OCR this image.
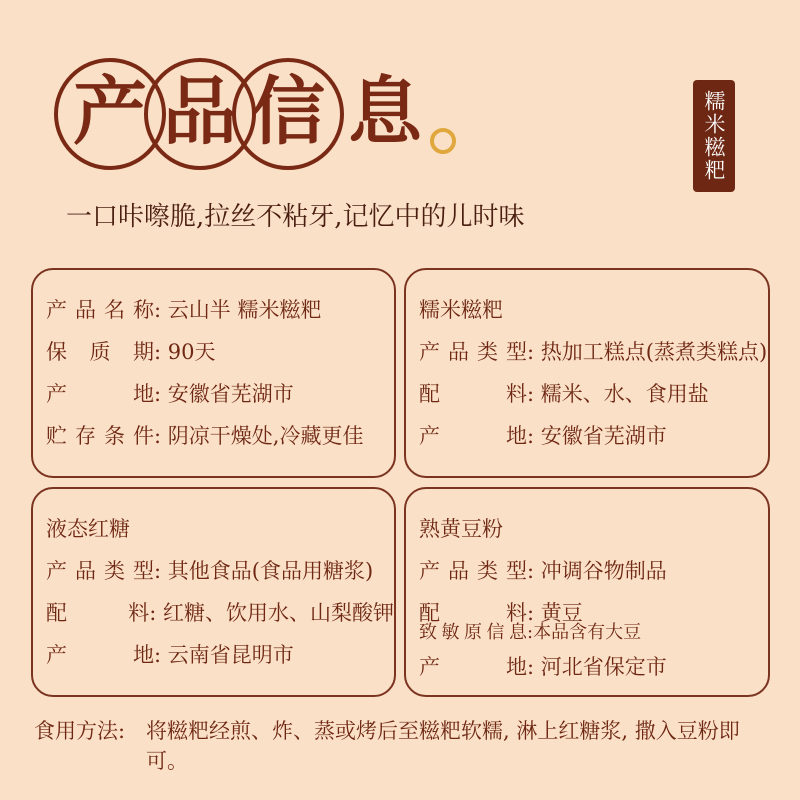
产 品 信 息	糯米糍粑
一口咔嚓脆,拉丝不粘牙,记忆中的儿时味
产品名称 : 云山半 糯米糍粑
保质期 : 90天
产地 : 安徽省芜湖市
贮存条件 : 阴凉干燥处,冷藏更佳
糯米糍粑
产品类型 : 热加工糕点(蒸煮类糕点)
配料 : 糯米、水、食用盐
产地 : 安徽省芜湖市
液态红糖
产品类型 : 其他食品(食品用糖浆)
配料 : 红糖、饮用水、山梨酸钾
产地 : 云南省昆明市
熟黄豆粉
产品类型 : 冲调谷物制品
配料 : 黄豆
致敏原信息 : 本品含有大豆
产地 : 河北省保定市
食用方法: 将糍粑经煎、炸、蒸或烤后至糍粑软糯, 淋上红糖浆, 撒入豆粉即可。
